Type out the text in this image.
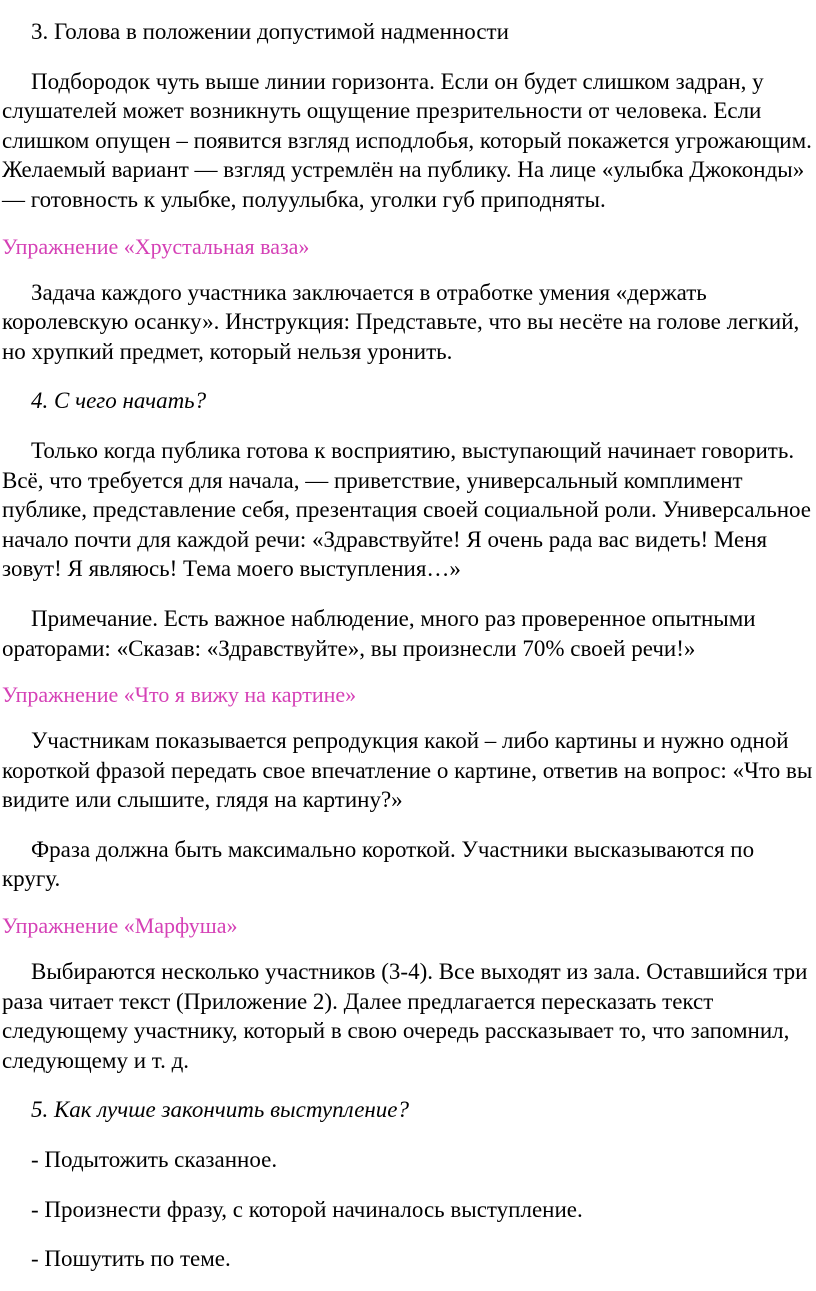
3. Голова в положении допустимой надменности

Подбородок чуть выше линии горизонта. Если он будет слишком задран, у слушателей может возникнуть ощущение презрительности от человека. Если слишком опущен – появится взгляд исподлобья, который покажется угрожающим. Желаемый вариант — взгляд устремлён на публику. На лице «улыбка Джоконды» — готовность к улыбке, полуулыбка, уголки губ приподняты.

Упражнение «Хрустальная ваза»

Задача каждого участника заключается в отработке умения «держать королевскую осанку». Инструкция: Представьте, что вы несёте на голове легкий, но хрупкий предмет, который нельзя уронить.

4. С чего начать?

Только когда публика готова к восприятию, выступающий начинает говорить. Всё, что требуется для начала, — приветствие, универсальный комплимент публике, представление себя, презентация своей социальной роли. Универсальное начало почти для каждой речи: «Здравствуйте! Я очень рада вас видеть! Меня зовут! Я являюсь! Тема моего выступления…»

Примечание. Есть важное наблюдение, много раз проверенное опытными ораторами: «Сказав: «Здравствуйте», вы произнесли 70% своей речи!»

Упражнение «Что я вижу на картине»

Участникам показывается репродукция какой – либо картины и нужно одной короткой фразой передать свое впечатление о картине, ответив на вопрос: «Что вы видите или слышите, глядя на картину?»

Фраза должна быть максимально короткой. Участники высказываются по кругу.

Упражнение «Марфуша»

Выбираются несколько участников (3-4). Все выходят из зала. Оставшийся три раза читает текст (Приложение 2). Далее предлагается пересказать текст следующему участнику, который в свою очередь рассказывает то, что запомнил, следующему и т. д.

5. Как лучше закончить выступление?

- Подытожить сказанное.

- Произнести фразу, с которой начиналось выступление.

- Пошутить по теме.
